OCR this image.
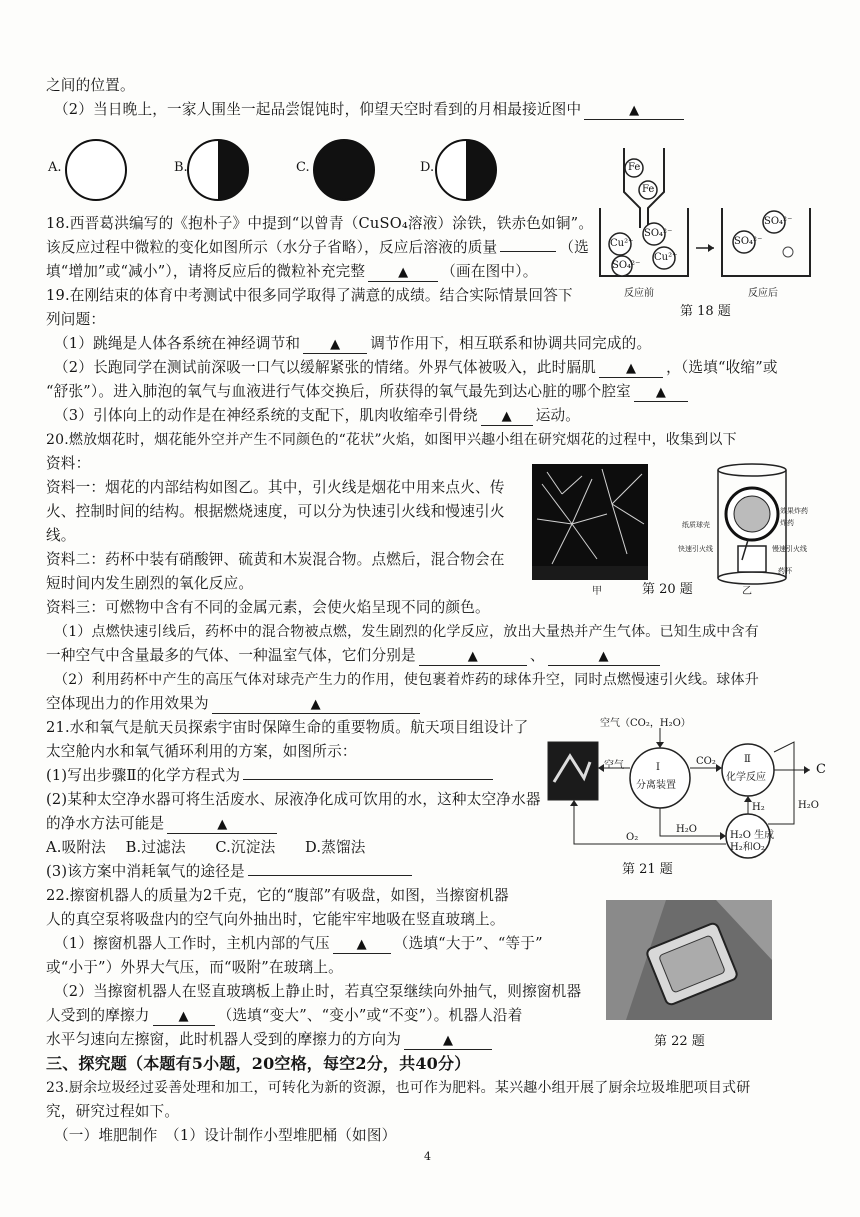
之间的位置。
（2）当日晚上，一家人围坐一起品尝馄饨时，仰望天空时看到的月相最接近图中	▲
A.	B.	C.	D.
18.西晋葛洪编写的《抱朴子》中提到“以曾青（CuSO₄溶液）涂铁，铁赤色如铜”。
该反应过程中微粒的变化如图所示（水分子省略），反应后溶液的质量	（选
填“增加”或“减小”），请将反应后的微粒补充完整	▲ （画在图中）。
Fe
Fe
Cu²⁺
SO₄²⁻
SO₄²⁻
Cu²⁺
SO₄²⁻
SO₄²⁻
反应前	反应后
第 18 题
19.在刚结束的体育中考测试中很多同学取得了满意的成绩。结合实际情景回答下
列问题：
（1）跳绳是人体各系统在神经调节和 ▲ 调节作用下，相互联系和协调共同完成的。
（2）长跑同学在测试前深吸一口气以缓解紧张的情绪。外界气体被吸入，此时膈肌 ▲ ，（选填“收缩”或
“舒张”）。进入肺泡的氧气与血液进行气体交换后，所获得的氧气最先到达心脏的哪个腔室 ▲
（3）引体向上的动作是在神经系统的支配下，肌肉收缩牵引骨绕 ▲ 运动。
20.燃放烟花时，烟花能外空并产生不同颜色的“花状”火焰，如图甲兴趣小组在研究烟花的过程中，收集到以下
资料：
资料一：烟花的内部结构如图乙。其中，引火线是烟花中用来点火、传
火、控制时间的结构。根据燃烧速度，可以分为快速引火线和慢速引火
线。
资料二：药杯中装有硝酸钾、硫黄和木炭混合物。点燃后，混合物会在
短时间内发生剧烈的氧化反应。
资料三：可燃物中含有不同的金属元素，会使火焰呈现不同的颜色。
效果炸药
炸药
纸质球壳
快速引火线	慢速引火线
药杯
甲	第 20 题	乙
（1）点燃快速引线后，药杯中的混合物被点燃，发生剧烈的化学反应，放出大量热并产生气体。已知生成中含有
一种空气中含量最多的气体、一种温室气体，它们分别是	▲	、	▲
（2）利用药杯中产生的高压气体对球壳产生力的作用，使包裹着炸药的球体升空，同时点燃慢速引火线。球体升
空体现出力的作用效果为	▲
21.水和氧气是航天员探索宇宙时保障生命的重要物质。航天项目组设计了
太空舱内水和氧气循环利用的方案，如图所示：
(1)写出步骤Ⅱ的化学方程式为
(2)某种太空净水器可将生活废水、尿液净化成可饮用的水，这种太空净水器
的净水方法可能是	▲
A.吸附法　 B.过滤法　　C.沉淀法　　D.蒸馏法
(3)该方案中消耗氧气的途径是
空气（CO₂，H₂O）
空气	Ⅰ
分离装置
CO₂	Ⅱ
化学反应
C
H₂	H₂O
H₂O
H₂O 生成
H₂和O₂
O₂
第 21 题
22.擦窗机器人的质量为2千克，它的“腹部”有吸盘，如图，当擦窗机器
人的真空泵将吸盘内的空气向外抽出时，它能牢牢地吸在竖直玻璃上。
（1）擦窗机器人工作时，主机内部的气压 ▲ （选填“大于”、“等于”
或“小于”）外界大气压，而“吸附”在玻璃上。
（2）当擦窗机器人在竖直玻璃板上静止时，若真空泵继续向外抽气，则擦窗机器
人受到的摩擦力 ▲ （选填“变大”、“变小”或“不变”）。机器人沿着
水平匀速向左擦窗，此时机器人受到的摩擦力的方向为	▲	第 22 题
三、探究题（本题有5小题，20空格，每空2分，共40分）
23.厨余垃圾经过妥善处理和加工，可转化为新的资源，也可作为肥料。某兴趣小组开展了厨余垃圾堆肥项目式研
究，研究过程如下。
（一）堆肥制作　（1）设计制作小型堆肥桶（如图）
4
